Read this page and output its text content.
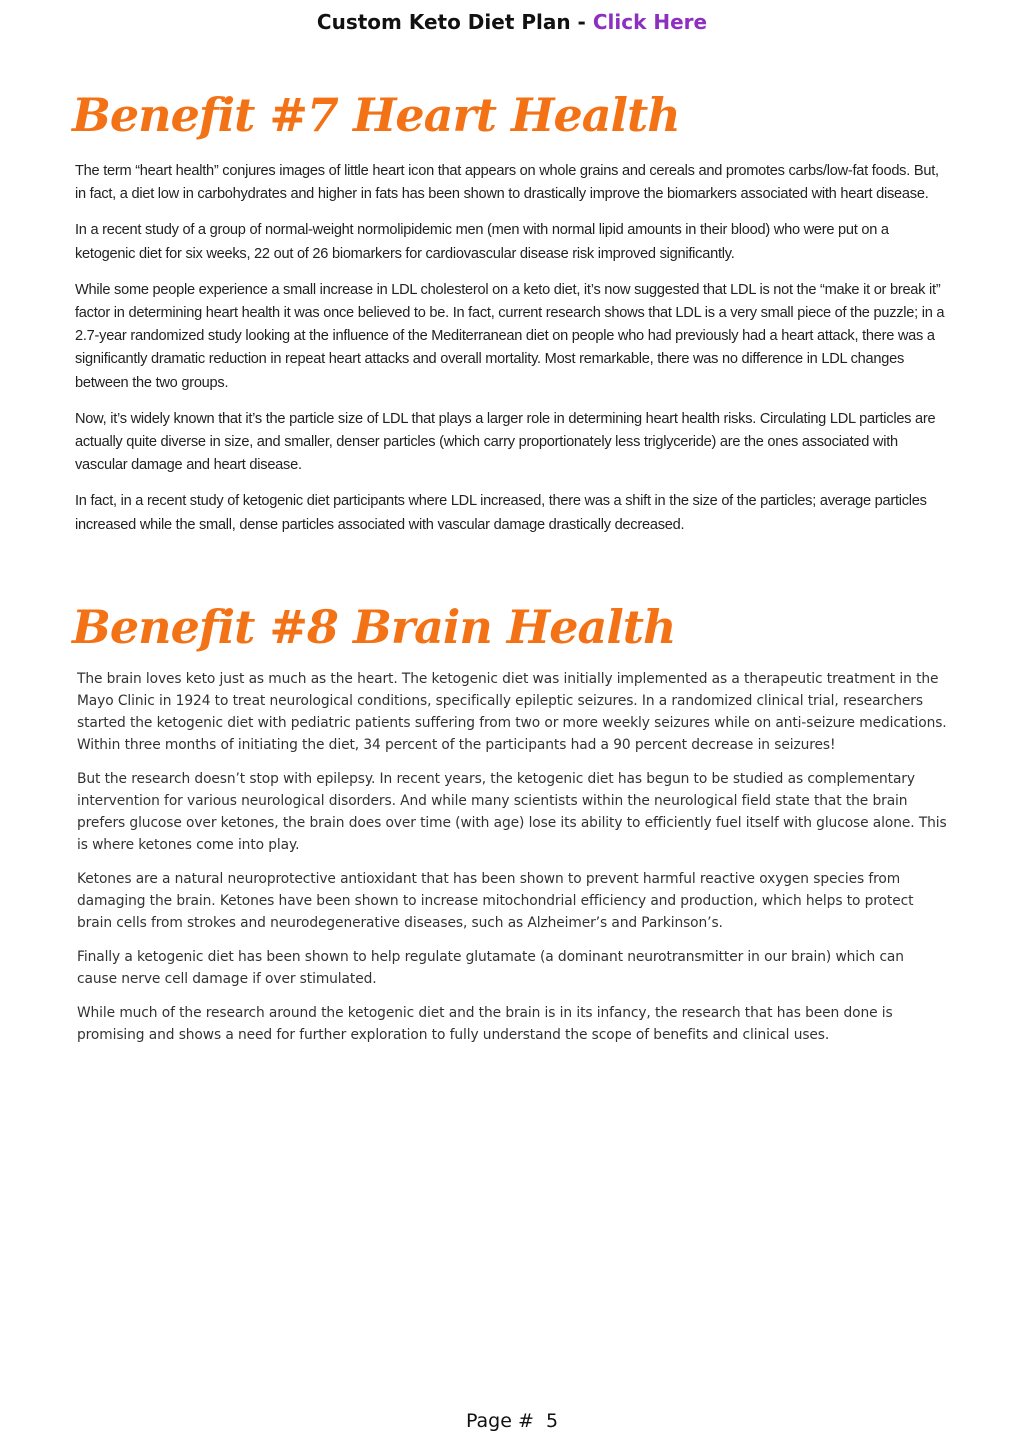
Custom Keto Diet Plan - Click Here
Benefit #7 Heart Health

The term “heart health” conjures images of little heart icon that appears on whole grains and cereals and promotes carbs/low-fat foods. But, in fact, a diet low in carbohydrates and higher in fats has been shown to drastically improve the biomarkers associated with heart disease.

In a recent study of a group of normal-weight normolipidemic men (men with normal lipid amounts in their blood) who were put on a ketogenic diet for six weeks, 22 out of 26 biomarkers for cardiovascular disease risk improved significantly.

While some people experience a small increase in LDL cholesterol on a keto diet, it’s now suggested that LDL is not the “make it or break it” factor in determining heart health it was once believed to be. In fact, current research shows that LDL is a very small piece of the puzzle; in a 2.7-year randomized study looking at the influence of the Mediterranean diet on people who had previously had a heart attack, there was a significantly dramatic reduction in repeat heart attacks and overall mortality. Most remarkable, there was no difference in LDL changes between the two groups.

Now, it’s widely known that it’s the particle size of LDL that plays a larger role in determining heart health risks. Circulating LDL particles are actually quite diverse in size, and smaller, denser particles (which carry proportionately less triglyceride) are the ones associated with vascular damage and heart disease.

In fact, in a recent study of ketogenic diet participants where LDL increased, there was a shift in the size of the particles; average particles increased while the small, dense particles associated with vascular damage drastically decreased.

Benefit #8 Brain Health

The brain loves keto just as much as the heart. The ketogenic diet was initially implemented as a therapeutic treatment in the Mayo Clinic in 1924 to treat neurological conditions, specifically epileptic seizures. In a randomized clinical trial, researchers started the ketogenic diet with pediatric patients suffering from two or more weekly seizures while on anti-seizure medications. Within three months of initiating the diet, 34 percent of the participants had a 90 percent decrease in seizures!

But the research doesn’t stop with epilepsy. In recent years, the ketogenic diet has begun to be studied as complementary intervention for various neurological disorders. And while many scientists within the neurological field state that the brain prefers glucose over ketones, the brain does over time (with age) lose its ability to efficiently fuel itself with glucose alone. This is where ketones come into play.

Ketones are a natural neuroprotective antioxidant that has been shown to prevent harmful reactive oxygen species from damaging the brain. Ketones have been shown to increase mitochondrial efficiency and production, which helps to protect brain cells from strokes and neurodegenerative diseases, such as Alzheimer’s and Parkinson’s.

Finally a ketogenic diet has been shown to help regulate glutamate (a dominant neurotransmitter in our brain) which can cause nerve cell damage if over stimulated.

While much of the research around the ketogenic diet and the brain is in its infancy, the research that has been done is promising and shows a need for further exploration to fully understand the scope of benefits and clinical uses.

Page #  5
